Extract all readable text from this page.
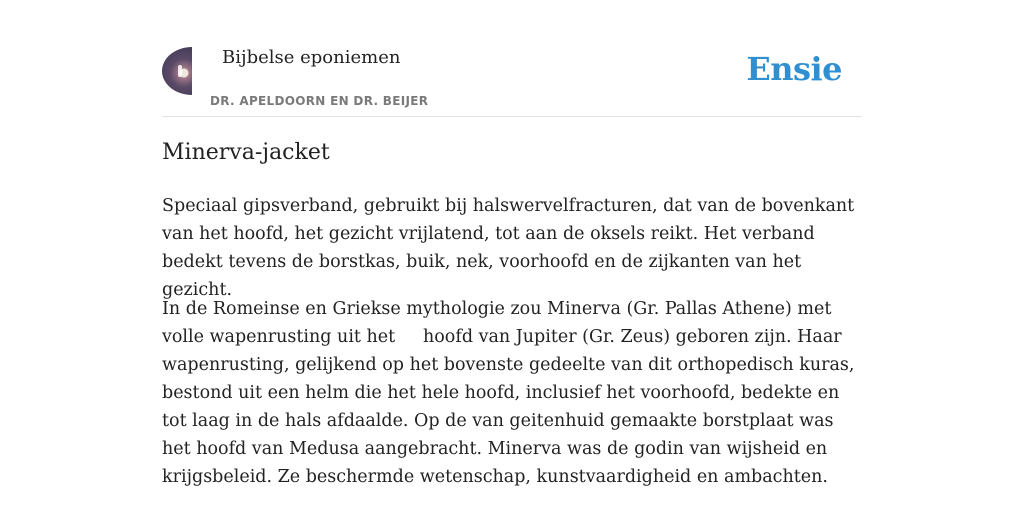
Bijbelse eponiemen
DR. APELDOORN EN DR. BEIJER
Ensie
Minerva-jacket

Speciaal gipsverband, gebruikt bij halswervelfracturen, dat van de bovenkant van het hoofd, het gezicht vrijlatend, tot aan de oksels reikt. Het verband bedekt tevens de borstkas, buik, nek, voorhoofd en de zijkanten van het gezicht.

In de Romeinse en Griekse mythologie zou Minerva (Gr. Pallas Athene) met volle wapenrusting uit het     hoofd van Jupiter (Gr. Zeus) geboren zijn. Haar wapenrusting, gelijkend op het bovenste gedeelte van dit orthopedisch kuras, bestond uit een helm die het hele hoofd, inclusief het voorhoofd, bedekte en tot laag in de hals afdaalde. Op de van geitenhuid gemaakte borstplaat was het hoofd van Medusa aangebracht. Minerva was de godin van wijsheid en krijgsbeleid. Ze beschermde wetenschap, kunstvaardigheid en ambachten.
